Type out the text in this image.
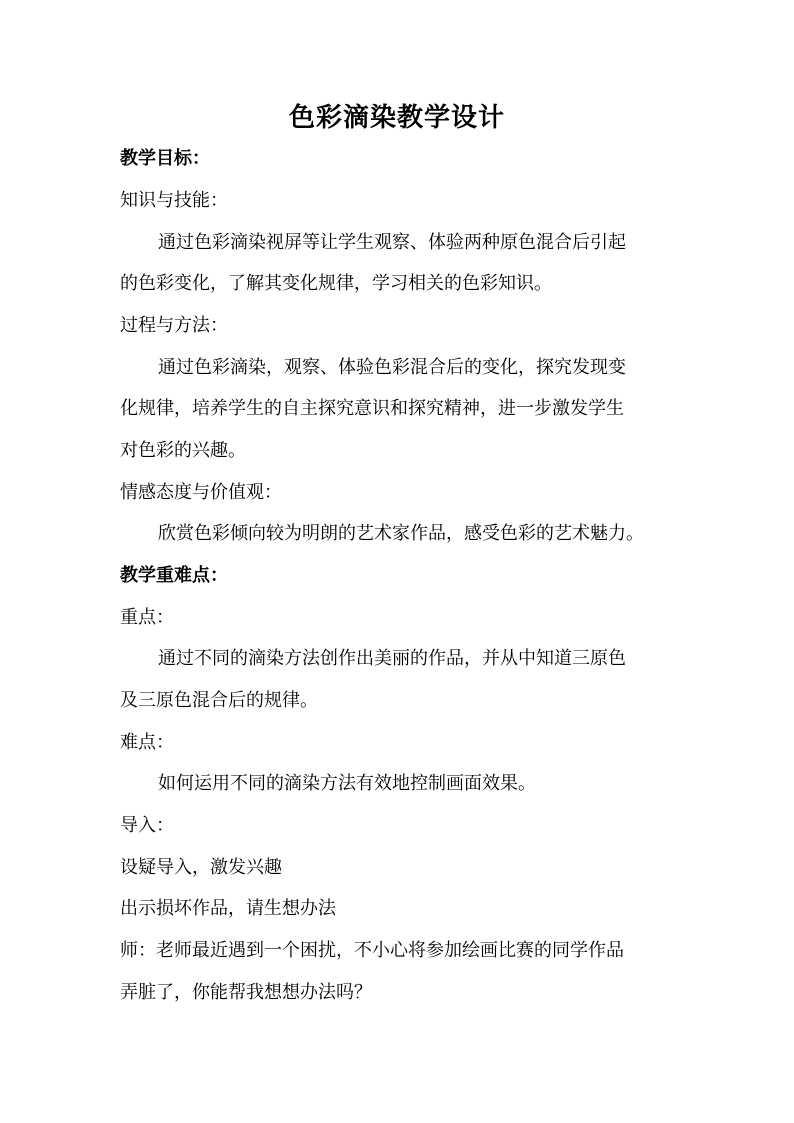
色彩滴染教学设计
教学目标：
知识与技能：
通过色彩滴染视屏等让学生观察、体验两种原色混合后引起
的色彩变化，了解其变化规律，学习相关的色彩知识。
过程与方法：
通过色彩滴染，观察、体验色彩混合后的变化，探究发现变
化规律，培养学生的自主探究意识和探究精神，进一步激发学生
对色彩的兴趣。
情感态度与价值观：
欣赏色彩倾向较为明朗的艺术家作品，感受色彩的艺术魅力。
教学重难点：
重点：
通过不同的滴染方法创作出美丽的作品，并从中知道三原色
及三原色混合后的规律。
难点：
如何运用不同的滴染方法有效地控制画面效果。
导入：
设疑导入，激发兴趣
出示损坏作品，请生想办法
师：老师最近遇到一个困扰，不小心将参加绘画比赛的同学作品
弄脏了，你能帮我想想办法吗？
